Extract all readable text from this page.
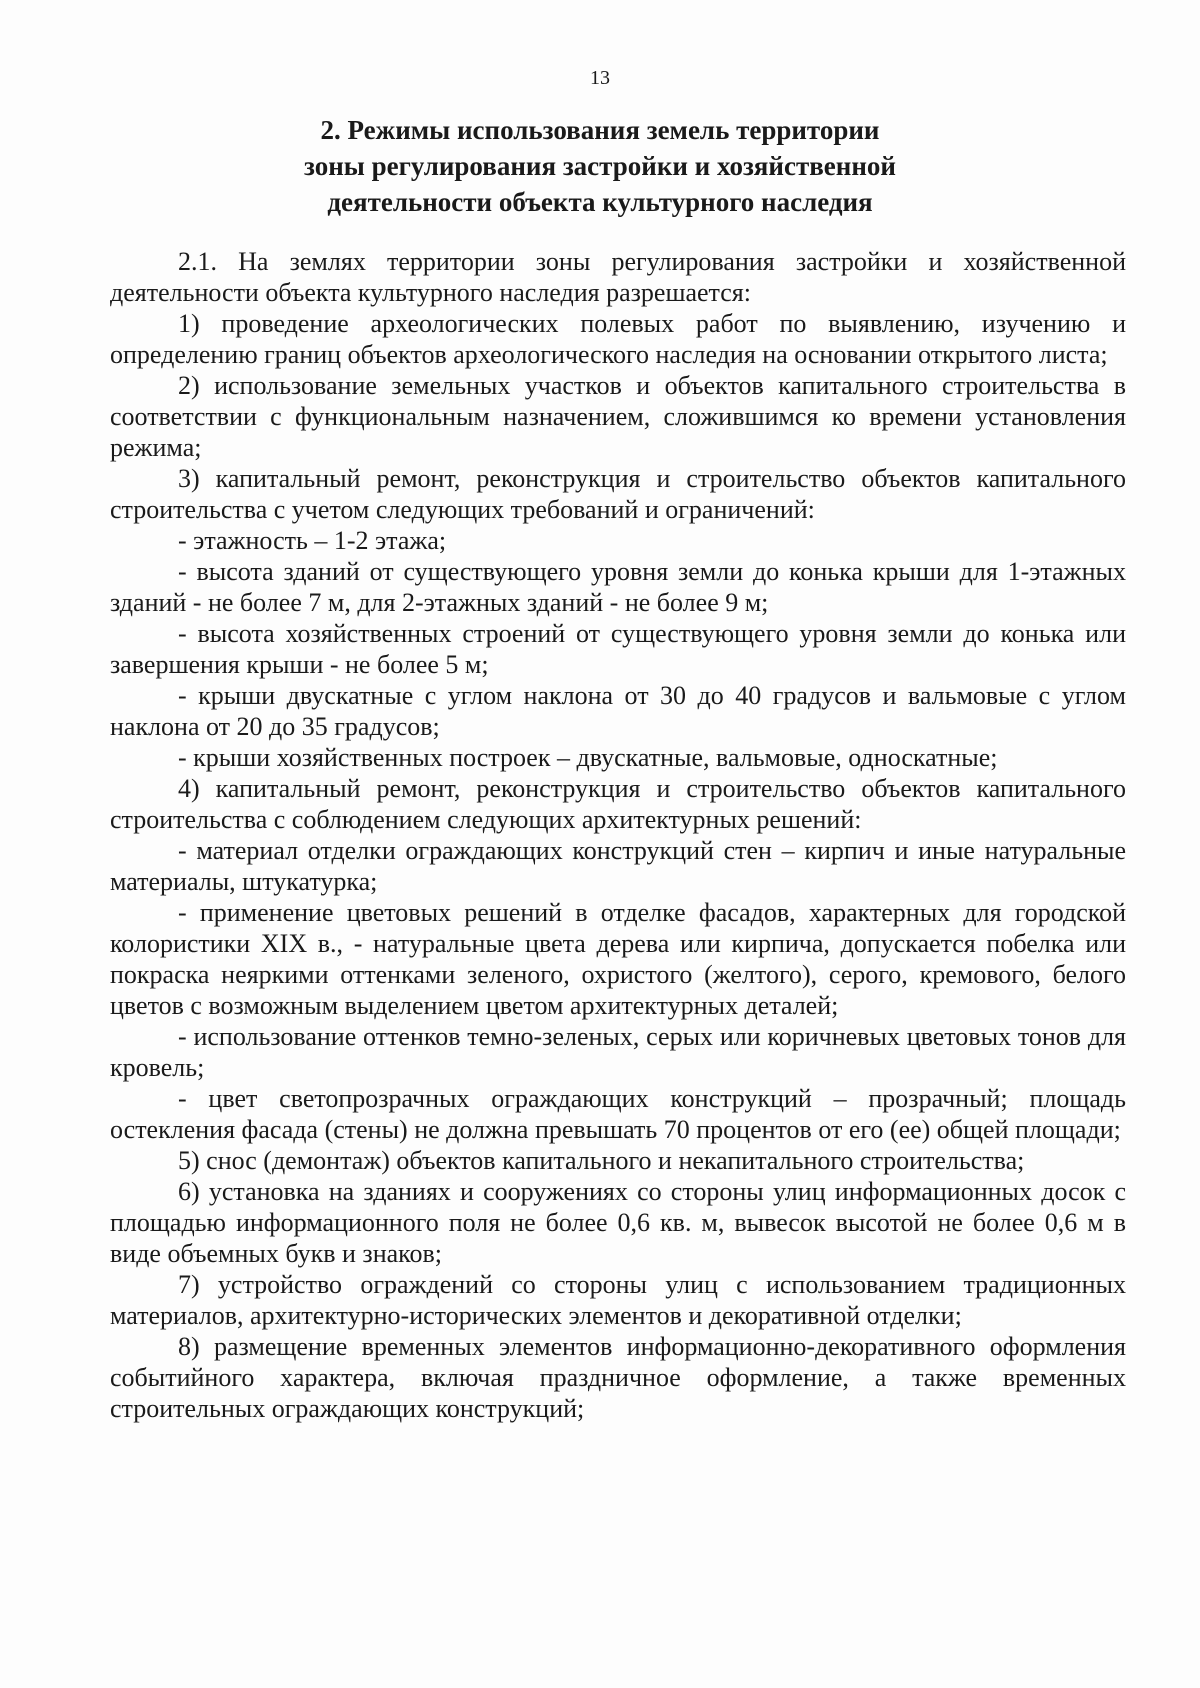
13
2. Режимы использования земель территории
зоны регулирования застройки и хозяйственной
деятельности объекта культурного наследия

2.1. На землях территории зоны регулирования застройки и хозяйственной деятельности объекта культурного наследия разрешается:

1) проведение археологических полевых работ по выявлению, изучению и определению границ объектов археологического наследия на основании открытого листа;

2) использование земельных участков и объектов капитального строительства в соответствии с функциональным назначением, сложившимся ко времени установления режима;

3) капитальный ремонт, реконструкция и строительство объектов капитального строительства с учетом следующих требований и ограничений:

- этажность – 1-2 этажа;

- высота зданий от существующего уровня земли до конька крыши для 1-этажных зданий - не более 7 м, для 2-этажных зданий - не более 9 м;

- высота хозяйственных строений от существующего уровня земли до конька или завершения крыши - не более 5 м;

- крыши двускатные с углом наклона от 30 до 40 градусов и вальмовые с углом наклона от 20 до 35 градусов;

- крыши хозяйственных построек – двускатные, вальмовые, односкатные;

4) капитальный ремонт, реконструкция и строительство объектов капитального строительства с соблюдением следующих архитектурных решений:

- материал отделки ограждающих конструкций стен – кирпич и иные натуральные материалы, штукатурка;

- применение цветовых решений в отделке фасадов, характерных для городской колористики XIX в., - натуральные цвета дерева или кирпича, допускается побелка или покраска неяркими оттенками зеленого, охристого (желтого), серого, кремового, белого цветов с возможным выделением цветом архитектурных деталей;

- использование оттенков темно-зеленых, серых или коричневых цветовых тонов для кровель;

- цвет светопрозрачных ограждающих конструкций – прозрачный; площадь остекления фасада (стены) не должна превышать 70 процентов от его (ее) общей площади;

5) снос (демонтаж) объектов капитального и некапитального строительства;

6) установка на зданиях и сооружениях со стороны улиц информационных досок с площадью информационного поля не более 0,6 кв. м, вывесок высотой не более 0,6 м в виде объемных букв и знаков;

7) устройство ограждений со стороны улиц с использованием традиционных материалов, архитектурно-исторических элементов и декоративной отделки;

8) размещение временных элементов информационно-декоративного оформления событийного характера, включая праздничное оформление, а также временных строительных ограждающих конструкций;
